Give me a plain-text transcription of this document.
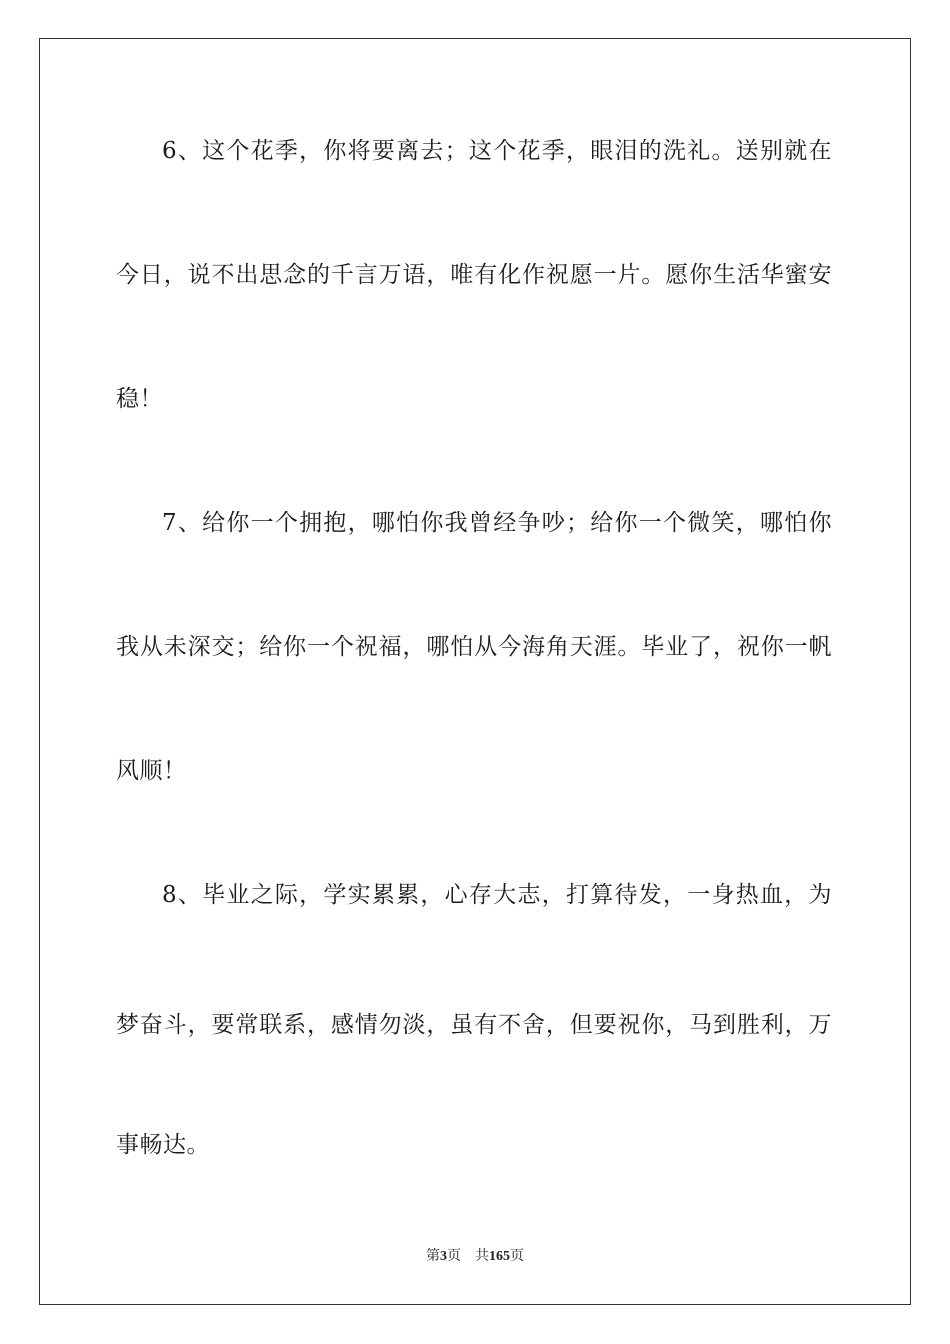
6、这个花季，你将要离去；这个花季，眼泪的洗礼。送别就在
今日，说不出思念的千言万语，唯有化作祝愿一片。愿你生活华蜜安
稳！
7、给你一个拥抱，哪怕你我曾经争吵；给你一个微笑，哪怕你
我从未深交；给你一个祝福，哪怕从今海角天涯。毕业了，祝你一帆
风顺！
8、毕业之际，学实累累，心存大志，打算待发，一身热血，为
梦奋斗，要常联系，感情勿淡，虽有不舍，但要祝你，马到胜利，万
事畅达。
第3页 共165页
